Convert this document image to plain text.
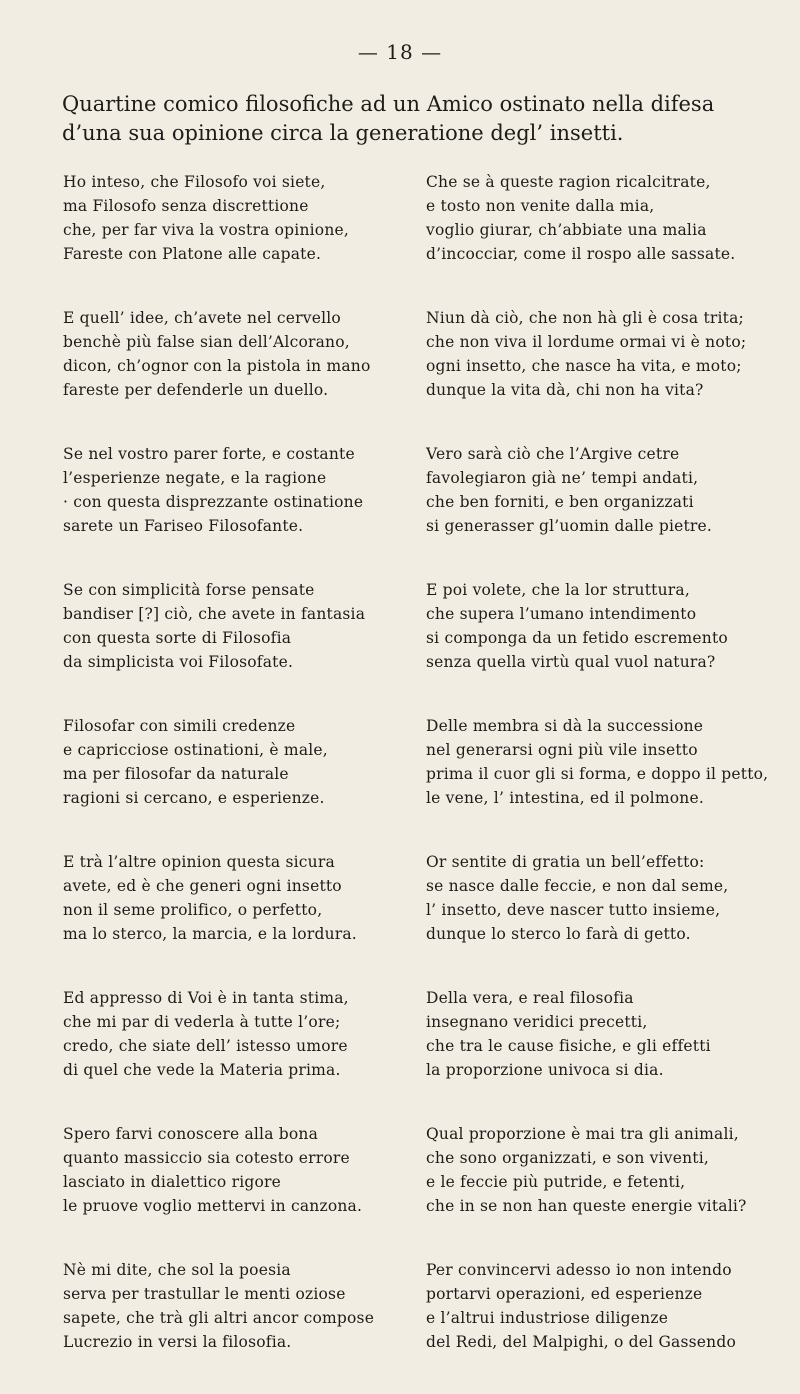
— 18 —
Quartine comico filosofiche ad un Amico ostinato nella difesa d’una sua opinione circa la generatione degl’ insetti.
Ho inteso, che Filosofo voi siete,
ma Filosofo senza discrettione
che, per far viva la vostra opinione,
Fareste con Platone alle capate.
E quell’ idee, ch’avete nel cervello
benchè più false sian dell’Alcorano,
dicon, ch’ognor con la pistola in mano
fareste per defenderle un duello.
Se nel vostro parer forte, e costante
l’esperienze negate, e la ragione
· con questa disprezzante ostinatione
sarete un Fariseo Filosofante.
Se con simplicità forse pensate
bandiser [?] ciò, che avete in fantasia
con questa sorte di Filosofia
da simplicista voi Filosofate.
Filosofar con simili credenze
e capricciose ostinationi, è male,
ma per filosofar da naturale
ragioni si cercano, e esperienze.
E trà l’altre opinion questa sicura
avete, ed è che generi ogni insetto
non il seme prolifico, o perfetto,
ma lo sterco, la marcia, e la lordura.
Ed appresso di Voi è in tanta stima,
che mi par di vederla à tutte l’ore;
credo, che siate dell’ istesso umore
di quel che vede la Materia prima.
Spero farvi conoscere alla bona
quanto massiccio sia cotesto errore
lasciato in dialettico rigore
le pruove voglio mettervi in canzona.
Nè mi dite, che sol la poesia
serva per trastullar le menti oziose
sapete, che trà gli altri ancor compose
Lucrezio in versi la filosofia.
Che se à queste ragion ricalcitrate,
e tosto non venite dalla mia,
voglio giurar, ch’abbiate una malia
d’incocciar, come il rospo alle sassate.
Niun dà ciò, che non hà gli è cosa trita;
che non viva il lordume ormai vi è noto;
ogni insetto, che nasce ha vita, e moto;
dunque la vita dà, chi non ha vita?
Vero sarà ciò che l’Argive cetre
favolegiaron già ne’ tempi andati,
che ben forniti, e ben organizzati
si generasser gl’uomin dalle pietre.
E poi volete, che la lor struttura,
che supera l’umano intendimento
si componga da un fetido escremento
senza quella virtù qual vuol natura?
Delle membra si dà la successione
nel generarsi ogni più vile insetto
prima il cuor gli si forma, e doppo il petto,
le vene, l’ intestina, ed il polmone.
Or sentite di gratia un bell’effetto:
se nasce dalle feccie, e non dal seme,
l’ insetto, deve nascer tutto insieme,
dunque lo sterco lo farà di getto.
Della vera, e real filosofia
insegnano veridici precetti,
che tra le cause fisiche, e gli effetti
la proporzione univoca si dia.
Qual proporzione è mai tra gli animali,
che sono organizzati, e son viventi,
e le feccie più putride, e fetenti,
che in se non han queste energie vitali?
Per convincervi adesso io non intendo
portarvi operazioni, ed esperienze
e l’altrui industriose diligenze
del Redi, del Malpighi, o del Gassendo
